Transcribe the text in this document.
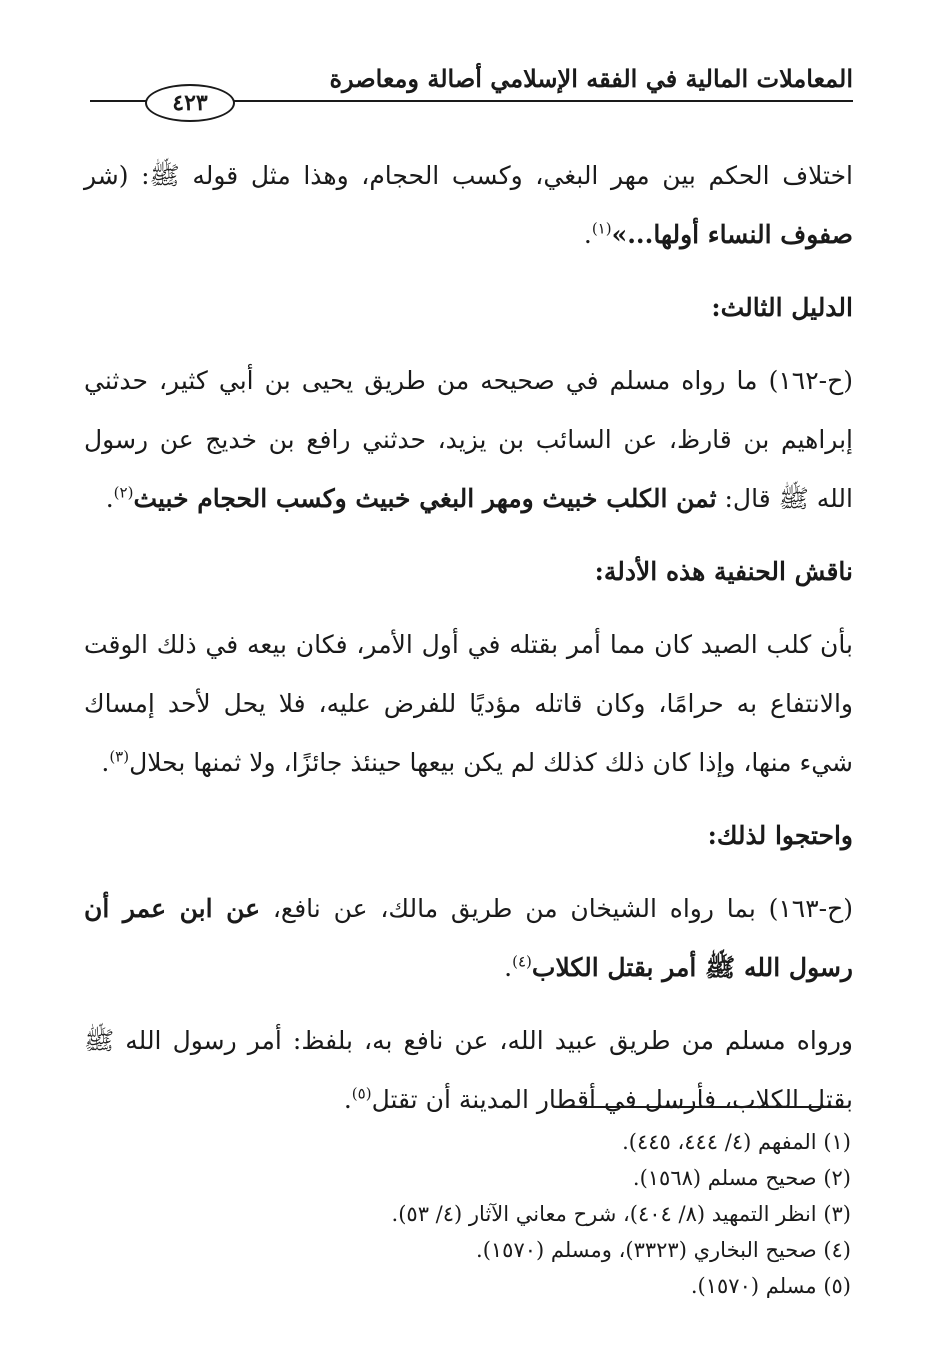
المعاملات المالية في الفقه الإسلامي أصالة ومعاصرة
٤٢٣

اختلاف الحكم بين مهر البغي، وكسب الحجام، وهذا مثل قوله ﷺ: (شر صفوف النساء أولها...»$^{(١)}$.

الدليل الثالث:

(ح-١٦٢) ما رواه مسلم في صحيحه من طريق يحيى بن أبي كثير، حدثني إبراهيم بن قارظ، عن السائب بن يزيد، حدثني رافع بن خديج عن رسول الله ﷺ قال: ثمن الكلب خبيث ومهر البغي خبيث وكسب الحجام خبيث$^{(٢)}$.

ناقش الحنفية هذه الأدلة:

بأن كلب الصيد كان مما أمر بقتله في أول الأمر، فكان بيعه في ذلك الوقت والانتفاع به حرامًا، وكان قاتله مؤديًا للفرض عليه، فلا يحل لأحد إمساك شيء منها، وإذا كان ذلك كذلك لم يكن بيعها حينئذ جائزًا، ولا ثمنها بحلال$^{(٣)}$.

واحتجوا لذلك:

(ح-١٦٣) بما رواه الشيخان من طريق مالك، عن نافع، عن ابن عمر أن رسول الله ﷺ أمر بقتل الكلاب$^{(٤)}$.

ورواه مسلم من طريق عبيد الله، عن نافع به، بلفظ: أمر رسول الله ﷺ بقتل الكلاب، فأرسل في أقطار المدينة أن تقتل$^{(٥)}$.

(١) المفهم (٤/ ٤٤٤، ٤٤٥).
(٢) صحيح مسلم (١٥٦٨).
(٣) انظر التمهيد (٨/ ٤٠٤)، شرح معاني الآثار (٤/ ٥٣).
(٤) صحيح البخاري (٣٣٢٣)، ومسلم (١٥٧٠).
(٥) مسلم (١٥٧٠).
